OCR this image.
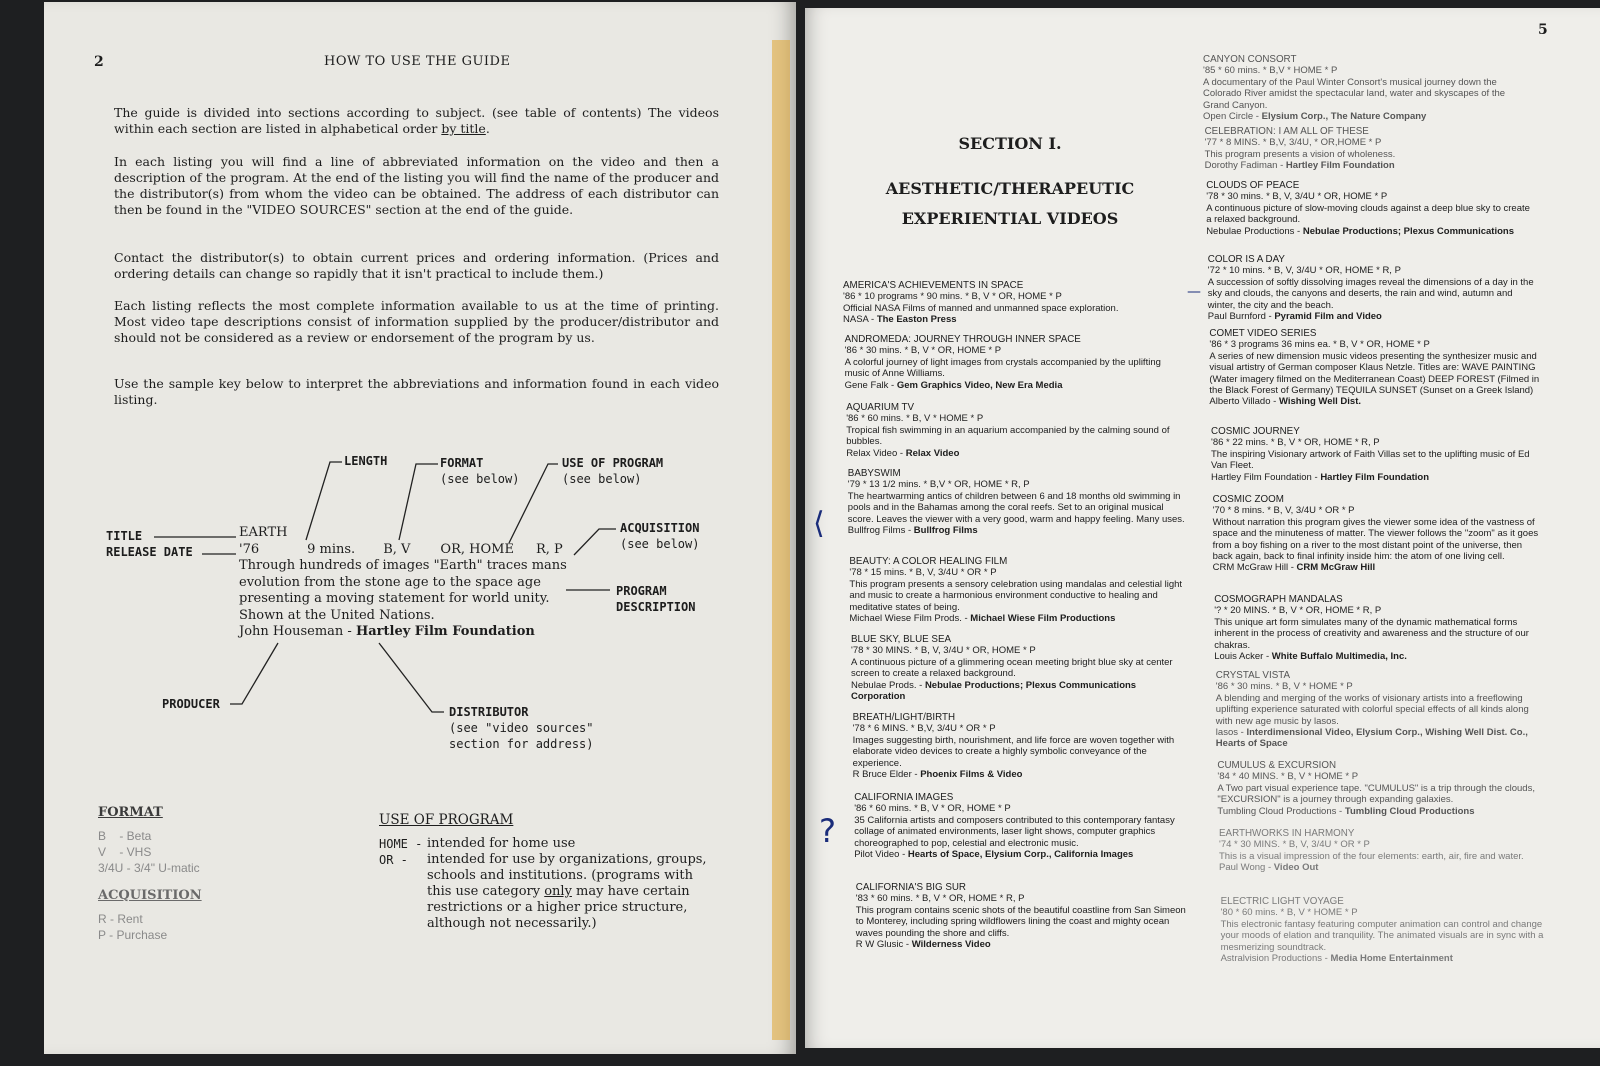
2	HOW TO USE THE GUIDE

The guide is divided into sections according to subject. (see table of contents) The videos within each section are listed in alphabetical order by title.

In each listing you will find a line of abbreviated information on the video and then a description of the program. At the end of the listing you will find the name of the producer and the distributor(s) from whom the video can be obtained. The address of each distributor can then be found in the "VIDEO SOURCES" section at the end of the guide.

Contact the distributor(s) to obtain current prices and ordering information. (Prices and ordering details can change so rapidly that it isn't practical to include them.)

Each listing reflects the most complete information available to us at the time of printing. Most video tape descriptions consist of information supplied by the producer/distributor and should not be considered as a review or endorsement of the program by us.

Use the sample key below to interpret the abbreviations and information found in each video listing.

LENGTH	FORMAT
(see below)
USE OF PROGRAM
(see below)
ACQUISITION
(see below)
TITLE
RELEASE DATE
PROGRAM
DESCRIPTION
PRODUCER
DISTRIBUTOR
(see "video sources"
section for address)
EARTH
'76	9 mins. B, V OR, HOME R, P
Through hundreds of images "Earth" traces mans
evolution from the stone age to the space age
presenting a moving statement for world unity.
Shown at the United Nations.
John Houseman - Hartley Film Foundation
FORMAT
B    - Beta
V    - VHS
3/4U - 3/4" U-matic
ACQUISITION
R - Rent
P - Purchase
USE OF PROGRAM
HOME - intended for home use
OR -	intended for use by organizations, groups, schools and institutions. (programs with this use category only may have certain restrictions or a higher price structure, although not necessarily.)
5
SECTION I.
AESTHETIC/THERAPEUTIC
EXPERIENTIAL VIDEOS
AMERICA'S ACHIEVEMENTS IN SPACE
'86 * 10 programs * 90 mins. * B, V * OR, HOME * P
Official NASA Films of manned and unmanned space exploration.
NASA - The Easton Press
ANDROMEDA: JOURNEY THROUGH INNER SPACE
'86 * 30 mins. * B, V * OR, HOME * P
A colorful journey of light images from crystals accompanied by the uplifting music of Anne Williams.
Gene Falk - Gem Graphics Video, New Era Media
AQUARIUM TV
'86 * 60 mins. * B, V * HOME * P
Tropical fish swimming in an aquarium accompanied by the calming sound of bubbles.
Relax Video - Relax Video
BABYSWIM
'79 * 13 1/2 mins. * B,V * OR, HOME * R, P
The heartwarming antics of children between 6 and 18 months old swimming in pools and in the Bahamas among the coral reefs. Set to an original musical score. Leaves the viewer with a very good, warm and happy feeling. Many uses.
Bullfrog Films - Bullfrog Films
BEAUTY: A COLOR HEALING FILM
'78 * 15 mins. * B, V, 3/4U * OR * P
This program presents a sensory celebration using mandalas and celestial light and music to create a harmonious environment conductive to healing and meditative states of being.
Michael Wiese Film Prods. - Michael Wiese Film Productions
BLUE SKY, BLUE SEA
'78 * 30 MINS. * B, V, 3/4U * OR, HOME * P
A continuous picture of a glimmering ocean meeting bright blue sky at center screen to create a relaxed background.
Nebulae Prods. - Nebulae Productions; Plexus Communications Corporation
BREATH/LIGHT/BIRTH
'78 * 6 MINS. * B,V, 3/4U * OR * P
Images suggesting birth, nourishment, and life force are woven together with elaborate video devices to create a highly symbolic conveyance of the experience.
R Bruce Elder - Phoenix Films & Video
CALIFORNIA IMAGES
'86 * 60 mins. * B, V * OR, HOME * P
35 California artists and composers contributed to this contemporary fantasy collage of animated environments, laser light shows, computer graphics choreographed to pop, celestial and electronic music.
Pilot Video - Hearts of Space, Elysium Corp., California Images
CALIFORNIA'S BIG SUR
'83 * 60 mins. * B, V * OR, HOME * R, P
This program contains scenic shots of the beautiful coastline from San Simeon to Monterey, including spring wildflowers lining the coast and mighty ocean waves pounding the shore and cliffs.
R W Glusic - Wilderness Video
CANYON CONSORT
'85 * 60 mins. * B,V * HOME * P
A documentary of the Paul Winter Consort's musical journey down the Colorado River amidst the spectacular land, water and skyscapes of the Grand Canyon.
Open Circle - Elysium Corp., The Nature Company
CELEBRATION: I AM ALL OF THESE
'77 * 8 MINS. * B,V, 3/4U, * OR,HOME * P
This program presents a vision of wholeness.
Dorothy Fadiman - Hartley Film Foundation
CLOUDS OF PEACE
'78 * 30 mins. * B, V, 3/4U * OR, HOME * P
A continuous picture of slow-moving clouds against a deep blue sky to create a relaxed background.
Nebulae Productions - Nebulae Productions; Plexus Communications
COLOR IS A DAY
'72 * 10 mins. * B, V, 3/4U * OR, HOME * R, P
A succession of softly dissolving images reveal the dimensions of a day in the sky and clouds, the canyons and deserts, the rain and wind, autumn and winter, the city and the beach.
Paul Burnford - Pyramid Film and Video
COMET VIDEO SERIES
'86 * 3 programs 36 mins ea. * B, V * OR, HOME * P
A series of new dimension music videos presenting the synthesizer music and visual artistry of German composer Klaus Netzle. Titles are: WAVE PAINTING (Water imagery filmed on the Mediterranean Coast) DEEP FOREST (Filmed in the Black Forest of Germany) TEQUILA SUNSET (Sunset on a Greek Island)
Alberto Villado - Wishing Well Dist.
COSMIC JOURNEY
'86 * 22 mins. * B, V * OR, HOME * R, P
The inspiring Visionary artwork of Faith Villas set to the uplifting music of Ed Van Fleet.
Hartley Film Foundation - Hartley Film Foundation
COSMIC ZOOM
'70 * 8 mins. * B, V, 3/4U * OR * P
Without narration this program gives the viewer some idea of the vastness of space and the minuteness of matter. The viewer follows the "zoom" as it goes from a boy fishing on a river to the most distant point of the universe, then back again, back to final infinity inside him: the atom of one living cell.
CRM McGraw Hill - CRM McGraw Hill
COSMOGRAPH MANDALAS
'? * 20 MINS. * B, V * OR, HOME * R, P
This unique art form simulates many of the dynamic mathematical forms inherent in the process of creativity and awareness and the structure of our chakras.
Louis Acker - White Buffalo Multimedia, Inc.
CRYSTAL VISTA
'86 * 30 mins. * B, V * HOME * P
A blending and merging of the works of visionary artists into a freeflowing uplifting experience saturated with colorful special effects of all kinds along with new age music by lasos.
lasos - Interdimensional Video, Elysium Corp., Wishing Well Dist. Co., Hearts of Space
CUMULUS & EXCURSION
'84 * 40 MINS. * B, V * HOME * P
A Two part visual experience tape. "CUMULUS" is a trip through the clouds, "EXCURSION" is a journey through expanding galaxies.
Tumbling Cloud Productions - Tumbling Cloud Productions
EARTHWORKS IN HARMONY
'74 * 30 MINS. * B, V, 3/4U * OR * P
This is a visual impression of the four elements: earth, air, fire and water.
Paul Wong - Video Out
ELECTRIC LIGHT VOYAGE
'80 * 60 mins. * B, V * HOME * P
This electronic fantasy featuring computer animation can control and change your moods of elation and tranquility. The animated visuals are in sync with a mesmerizing soundtrack.
Astralvision Productions - Media Home Entertainment
⟨
?
—
